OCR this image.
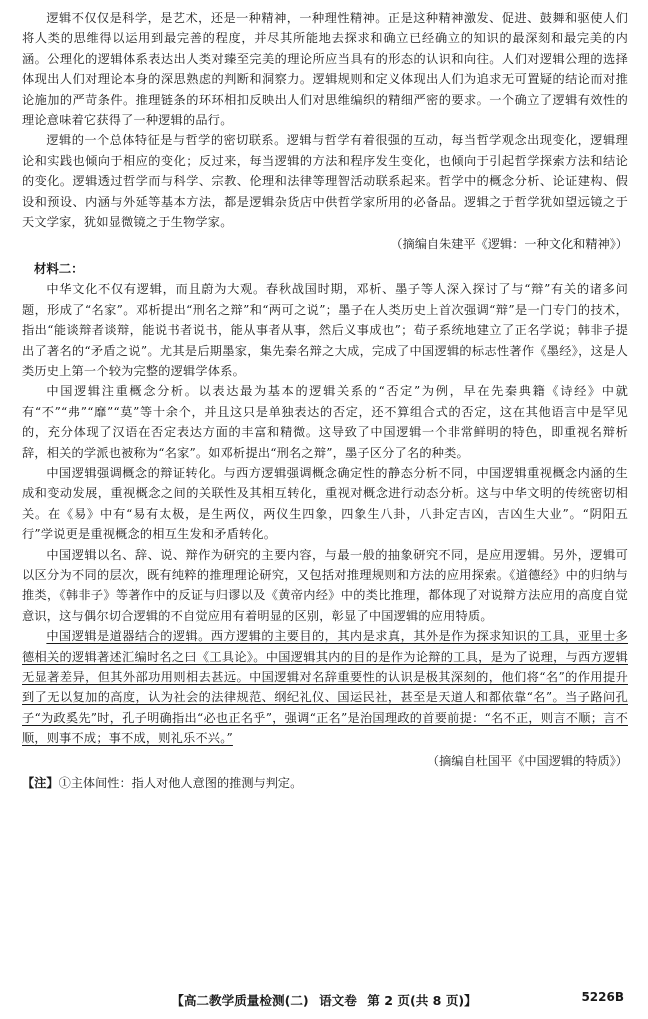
逻辑不仅仅是科学，是艺术，还是一种精神，一种理性精神。正是这种精神激发、促进、鼓舞和驱使人们将人类的思维得以运用到最完善的程度，并尽其所能地去探求和确立已经确立的知识的最深刻和最完美的内涵。公理化的逻辑体系表达出人类对臻至完美的理论所应当具有的形态的认识和向往。人们对逻辑公理的选择体现出人们对理论本身的深思熟虑的判断和洞察力。逻辑规则和定义体现出人们为追求无可置疑的结论而对推论施加的严苛条件。推理链条的环环相扣反映出人们对思维编织的精细严密的要求。一个确立了逻辑有效性的理论意味着它获得了一种逻辑的品行。

逻辑的一个总体特征是与哲学的密切联系。逻辑与哲学有着很强的互动，每当哲学观念出现变化，逻辑理论和实践也倾向于相应的变化；反过来，每当逻辑的方法和程序发生变化，也倾向于引起哲学探索方法和结论的变化。逻辑透过哲学而与科学、宗教、伦理和法律等理智活动联系起来。哲学中的概念分析、论证建构、假设和预设、内涵与外延等基本方法，都是逻辑杂货店中供哲学家所用的必备品。逻辑之于哲学犹如望远镜之于天文学家，犹如显微镜之于生物学家。

（摘编自朱建平《逻辑：一种文化和精神》）

材料二：

中华文化不仅有逻辑，而且蔚为大观。春秋战国时期，邓析、墨子等人深入探讨了与“辩”有关的诸多问题，形成了“名家”。邓析提出“刑名之辩”和“两可之说”；墨子在人类历史上首次强调“辩”是一门专门的技术，指出“能谈辩者谈辩，能说书者说书，能从事者从事，然后义事成也”；荀子系统地建立了正名学说；韩非子提出了著名的“矛盾之说”。尤其是后期墨家，集先秦名辩之大成，完成了中国逻辑的标志性著作《墨经》，这是人类历史上第一个较为完整的逻辑学体系。

中国逻辑注重概念分析。以表达最为基本的逻辑关系的“否定”为例，早在先秦典籍《诗经》中就有“不”“弗”“靡”“莫”等十余个，并且这只是单独表达的否定，还不算组合式的否定，这在其他语言中是罕见的，充分体现了汉语在否定表达方面的丰富和精微。这导致了中国逻辑一个非常鲜明的特色，即重视名辩析辞，相关的学派也被称为“名家”。如邓析提出“刑名之辩”，墨子区分了名的种类。

中国逻辑强调概念的辩证转化。与西方逻辑强调概念确定性的静态分析不同，中国逻辑重视概念内涵的生成和变动发展，重视概念之间的关联性及其相互转化，重视对概念进行动态分析。这与中华文明的传统密切相关。在《易》中有“易有太极，是生两仪，两仪生四象，四象生八卦，八卦定吉凶，吉凶生大业”。“阴阳五行”学说更是重视概念的相互生发和矛盾转化。

中国逻辑以名、辞、说、辩作为研究的主要内容，与最一般的抽象研究不同，是应用逻辑。另外，逻辑可以区分为不同的层次，既有纯粹的推理理论研究，又包括对推理规则和方法的应用探索。《道德经》中的归纳与推类，《韩非子》等著作中的反证与归谬以及《黄帝内经》中的类比推理，都体现了对说辩方法应用的高度自觉意识，这与偶尔切合逻辑的不自觉应用有着明显的区别，彰显了中国逻辑的应用特质。

中国逻辑是道器结合的逻辑。西方逻辑的主要目的，其内是求真，其外是作为探求知识的工具，亚里士多德相关的逻辑著述汇编时名之曰《工具论》。中国逻辑其内的目的是作为论辩的工具，是为了说理，与西方逻辑无显著差异，但其外部功用则相去甚远。中国逻辑对名辞重要性的认识是极其深刻的，他们将“名”的作用提升到了无以复加的高度，认为社会的法律规范、纲纪礼仪、国运民社，甚至是天道人和都依靠“名”。当子路问孔子“为政奚先”时，孔子明确指出“必也正名乎”，强调“正名”是治国理政的首要前提：“名不正，则言不顺；言不顺，则事不成；事不成，则礼乐不兴。”

（摘编自杜国平《中国逻辑的特质》）

【注】①主体间性：指人对他人意图的推测与判定。

【高二教学质量检测(二) 语文卷 第 2 页(共 8 页)】	5226B
